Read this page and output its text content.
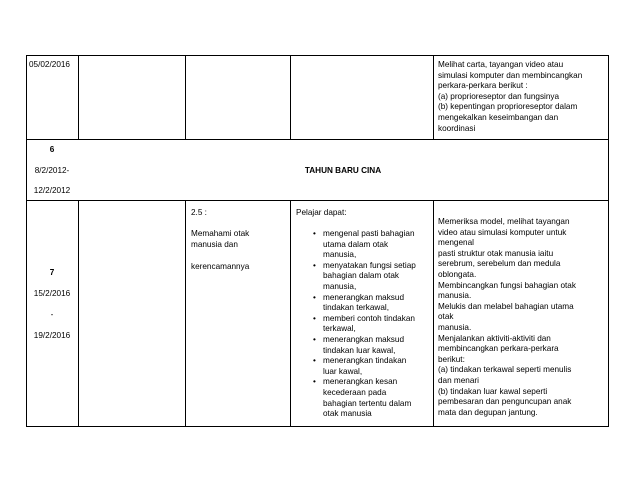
05/02/2016	Melihat carta, tayangan video atau
simulasi komputer dan membincangkan
perkara-perkara berikut :
(a) proprioreseptor dan fungsinya
(b) kepentingan proprioreseptor dalam
mengekalkan keseimbangan dan
koordinasi
6
8/2/2012-
12/2/2012
TAHUN BARU CINA
7
15/2/2016
-
19/2/2016
2.5 :
Memahami otak
manusia dan
kerencamannya
Pelajar dapat:
• mengenal pasti bahagian
utama dalam otak
manusia,
• menyatakan fungsi setiap
bahagian dalam otak
manusia,
• menerangkan maksud
tindakan terkawal,
• memberi contoh tindakan
terkawal,
• menerangkan maksud
tindakan luar kawal,
• menerangkan tindakan
luar kawal,
• menerangkan kesan
kecederaan pada
bahagian tertentu dalam
otak manusia
Memeriksa model, melihat tayangan
video atau simulasi komputer untuk
mengenal
pasti struktur otak manusia iaitu
serebrum, serebelum dan medula
oblongata.
Membincangkan fungsi bahagian otak
manusia.
Melukis dan melabel bahagian utama
otak
manusia.
Menjalankan aktiviti-aktiviti dan
membincangkan perkara-perkara
berikut:
(a) tindakan terkawal seperti menulis
dan menari
(b) tindakan luar kawal seperti
pembesaran dan penguncupan anak
mata dan degupan jantung.
